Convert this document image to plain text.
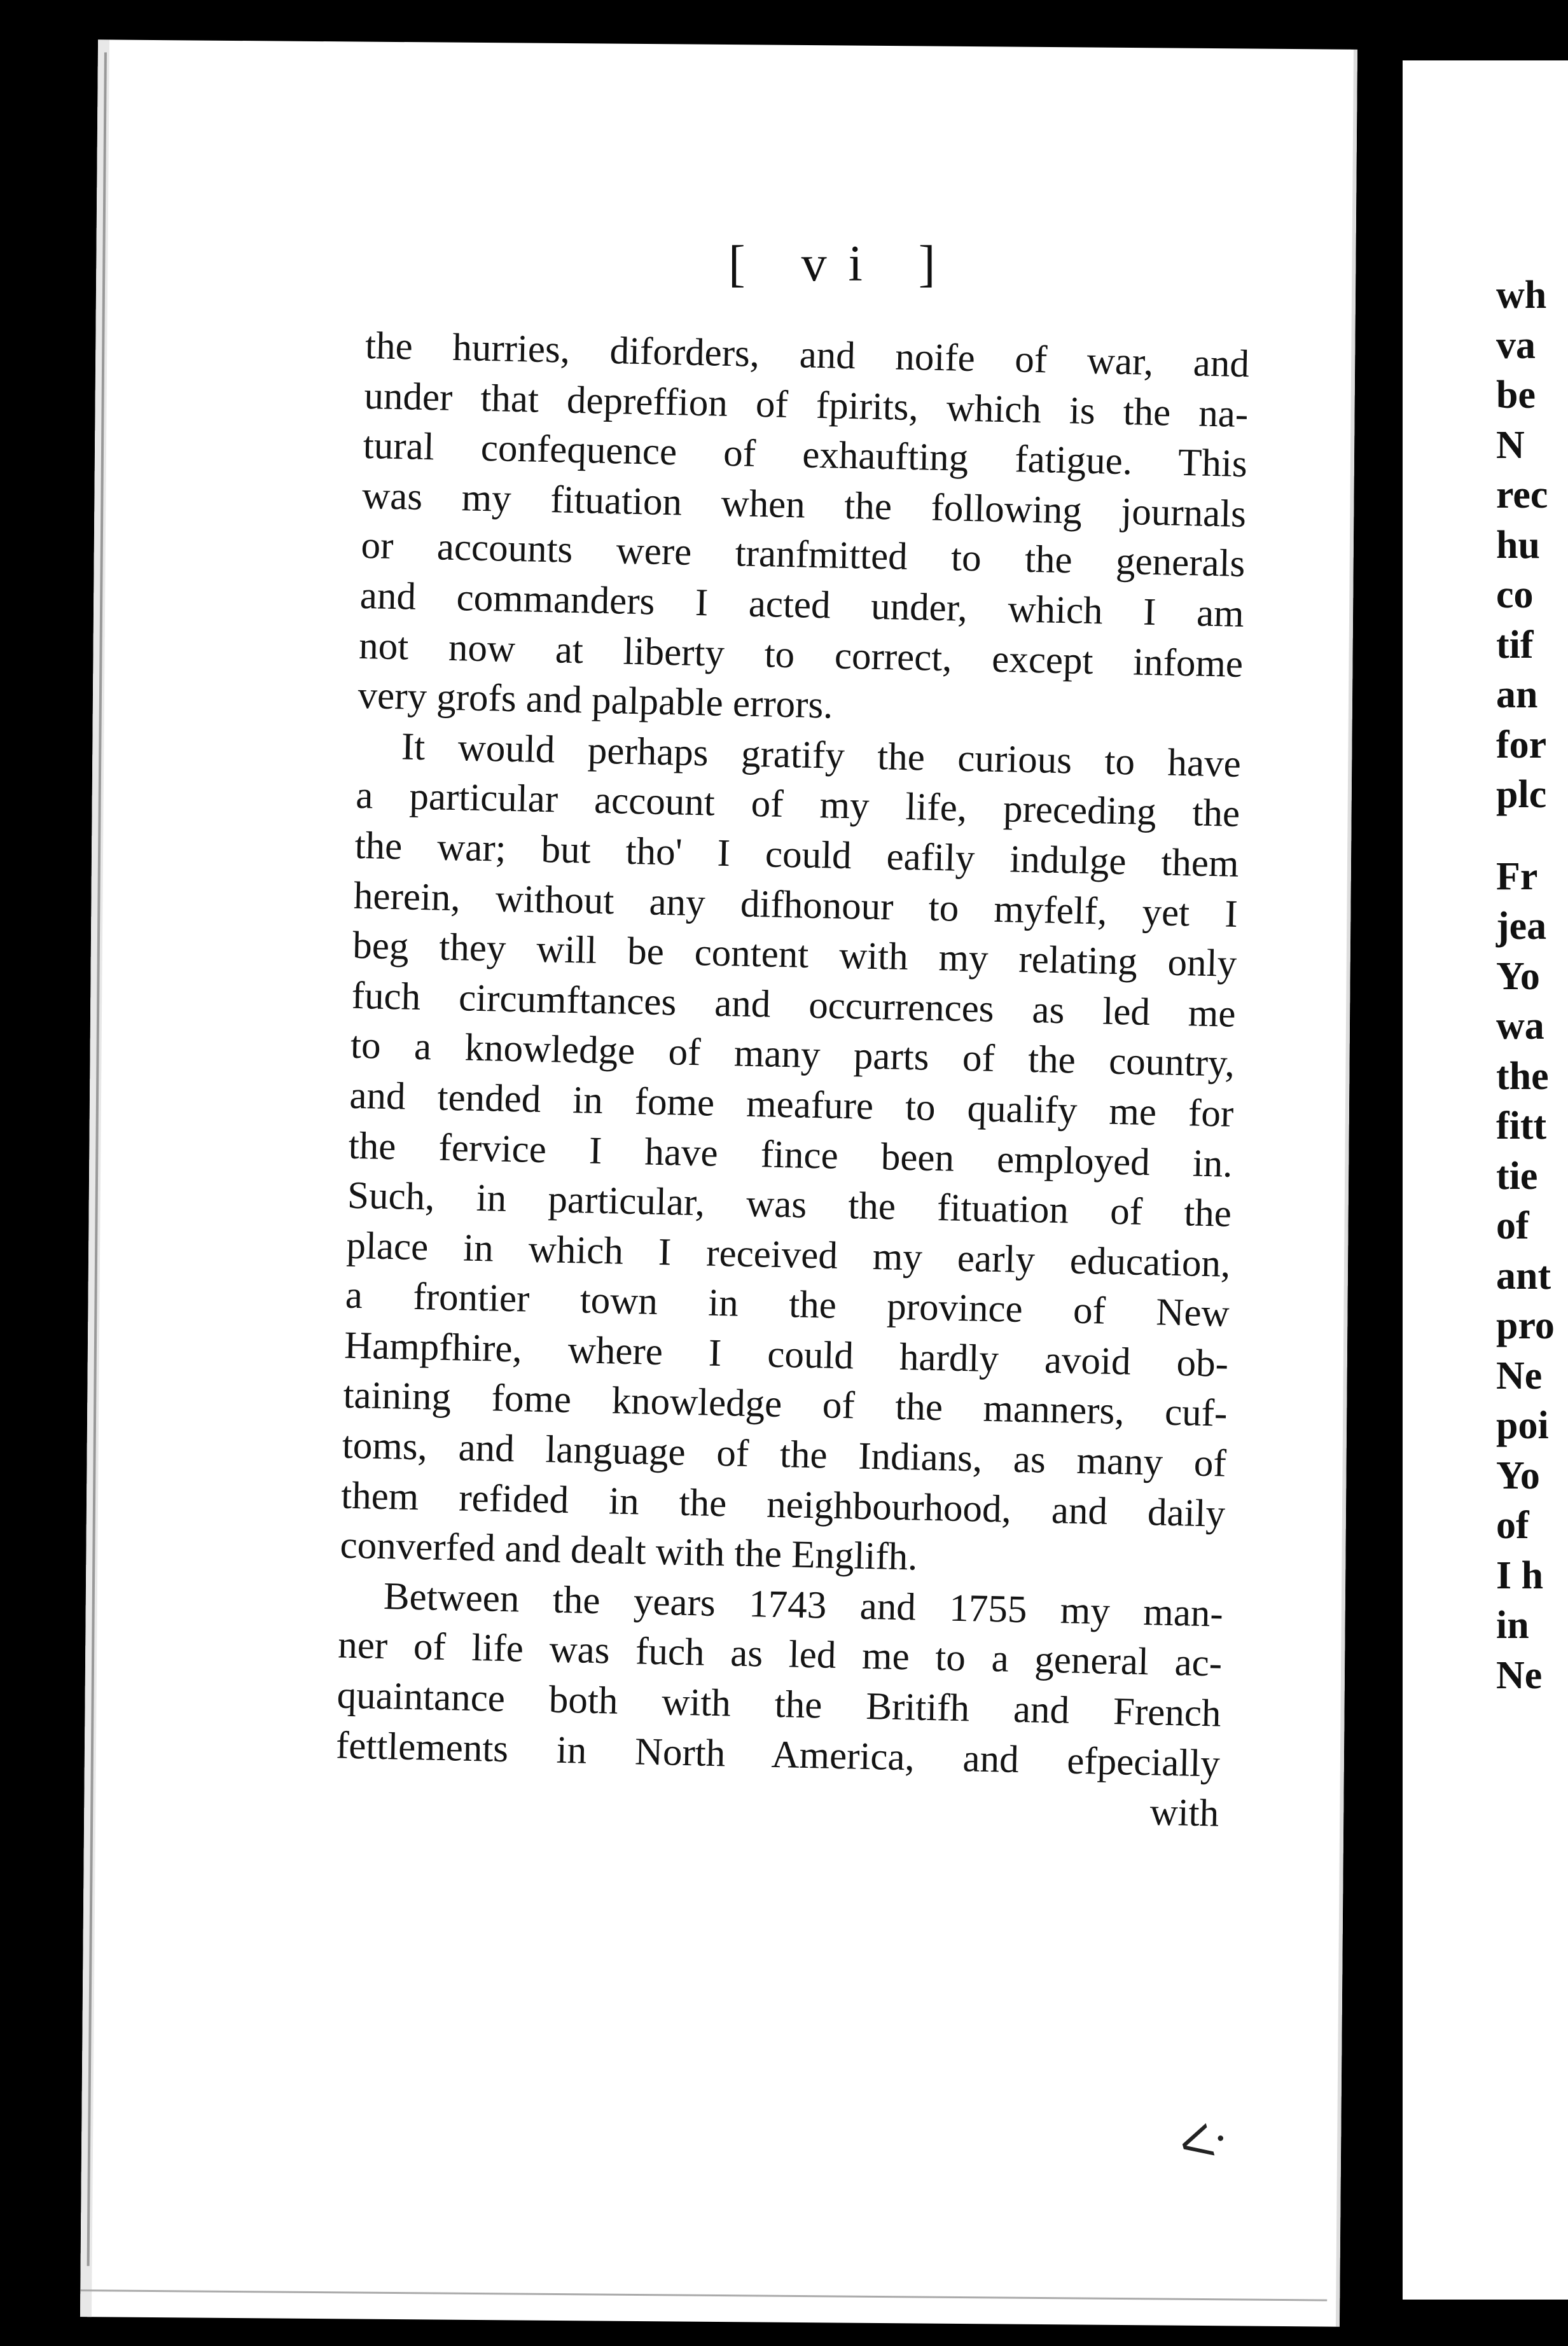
[ vi ]
the hurries, diforders, and noife of war, and
under that depreffion of fpirits, which is the na-
tural confequence of exhaufting fatigue. This
was my fituation when the following journals
or accounts were tranfmitted to the generals
and commanders I acted under, which I am
not now at liberty to correct, except infome
very grofs and palpable errors.
It would perhaps gratify the curious to have
a particular account of my life, preceding the
the war; but tho' I could eafily indulge them
herein, without any difhonour to myfelf, yet I
beg they will be content with my relating only
fuch circumftances and occurrences as led me
to a knowledge of many parts of the country,
and tended in fome meafure to qualify me for
the fervice I have fince been employed in.
Such, in particular, was the fituation of the
place in which I received my early education,
a frontier town in the province of New
Hampfhire, where I could hardly avoid ob-
taining fome knowledge of the manners, cuf-
toms, and language of the Indians, as many of
them refided in the neighbourhood, and daily
converfed and dealt with the Englifh.
Between the years 1743 and 1755 my man-
ner of life was fuch as led me to a general ac-
quaintance both with the Britifh and French
fettlements in North America, and efpecially
with
wh
va
be
N
rec
hu
co
tif
an
for
plc
Fr
jea
Yo
wa
the
fitt
tie
of
ant
pro
Ne
poi
Yo
of
I h
in
Ne
ᐸ·
